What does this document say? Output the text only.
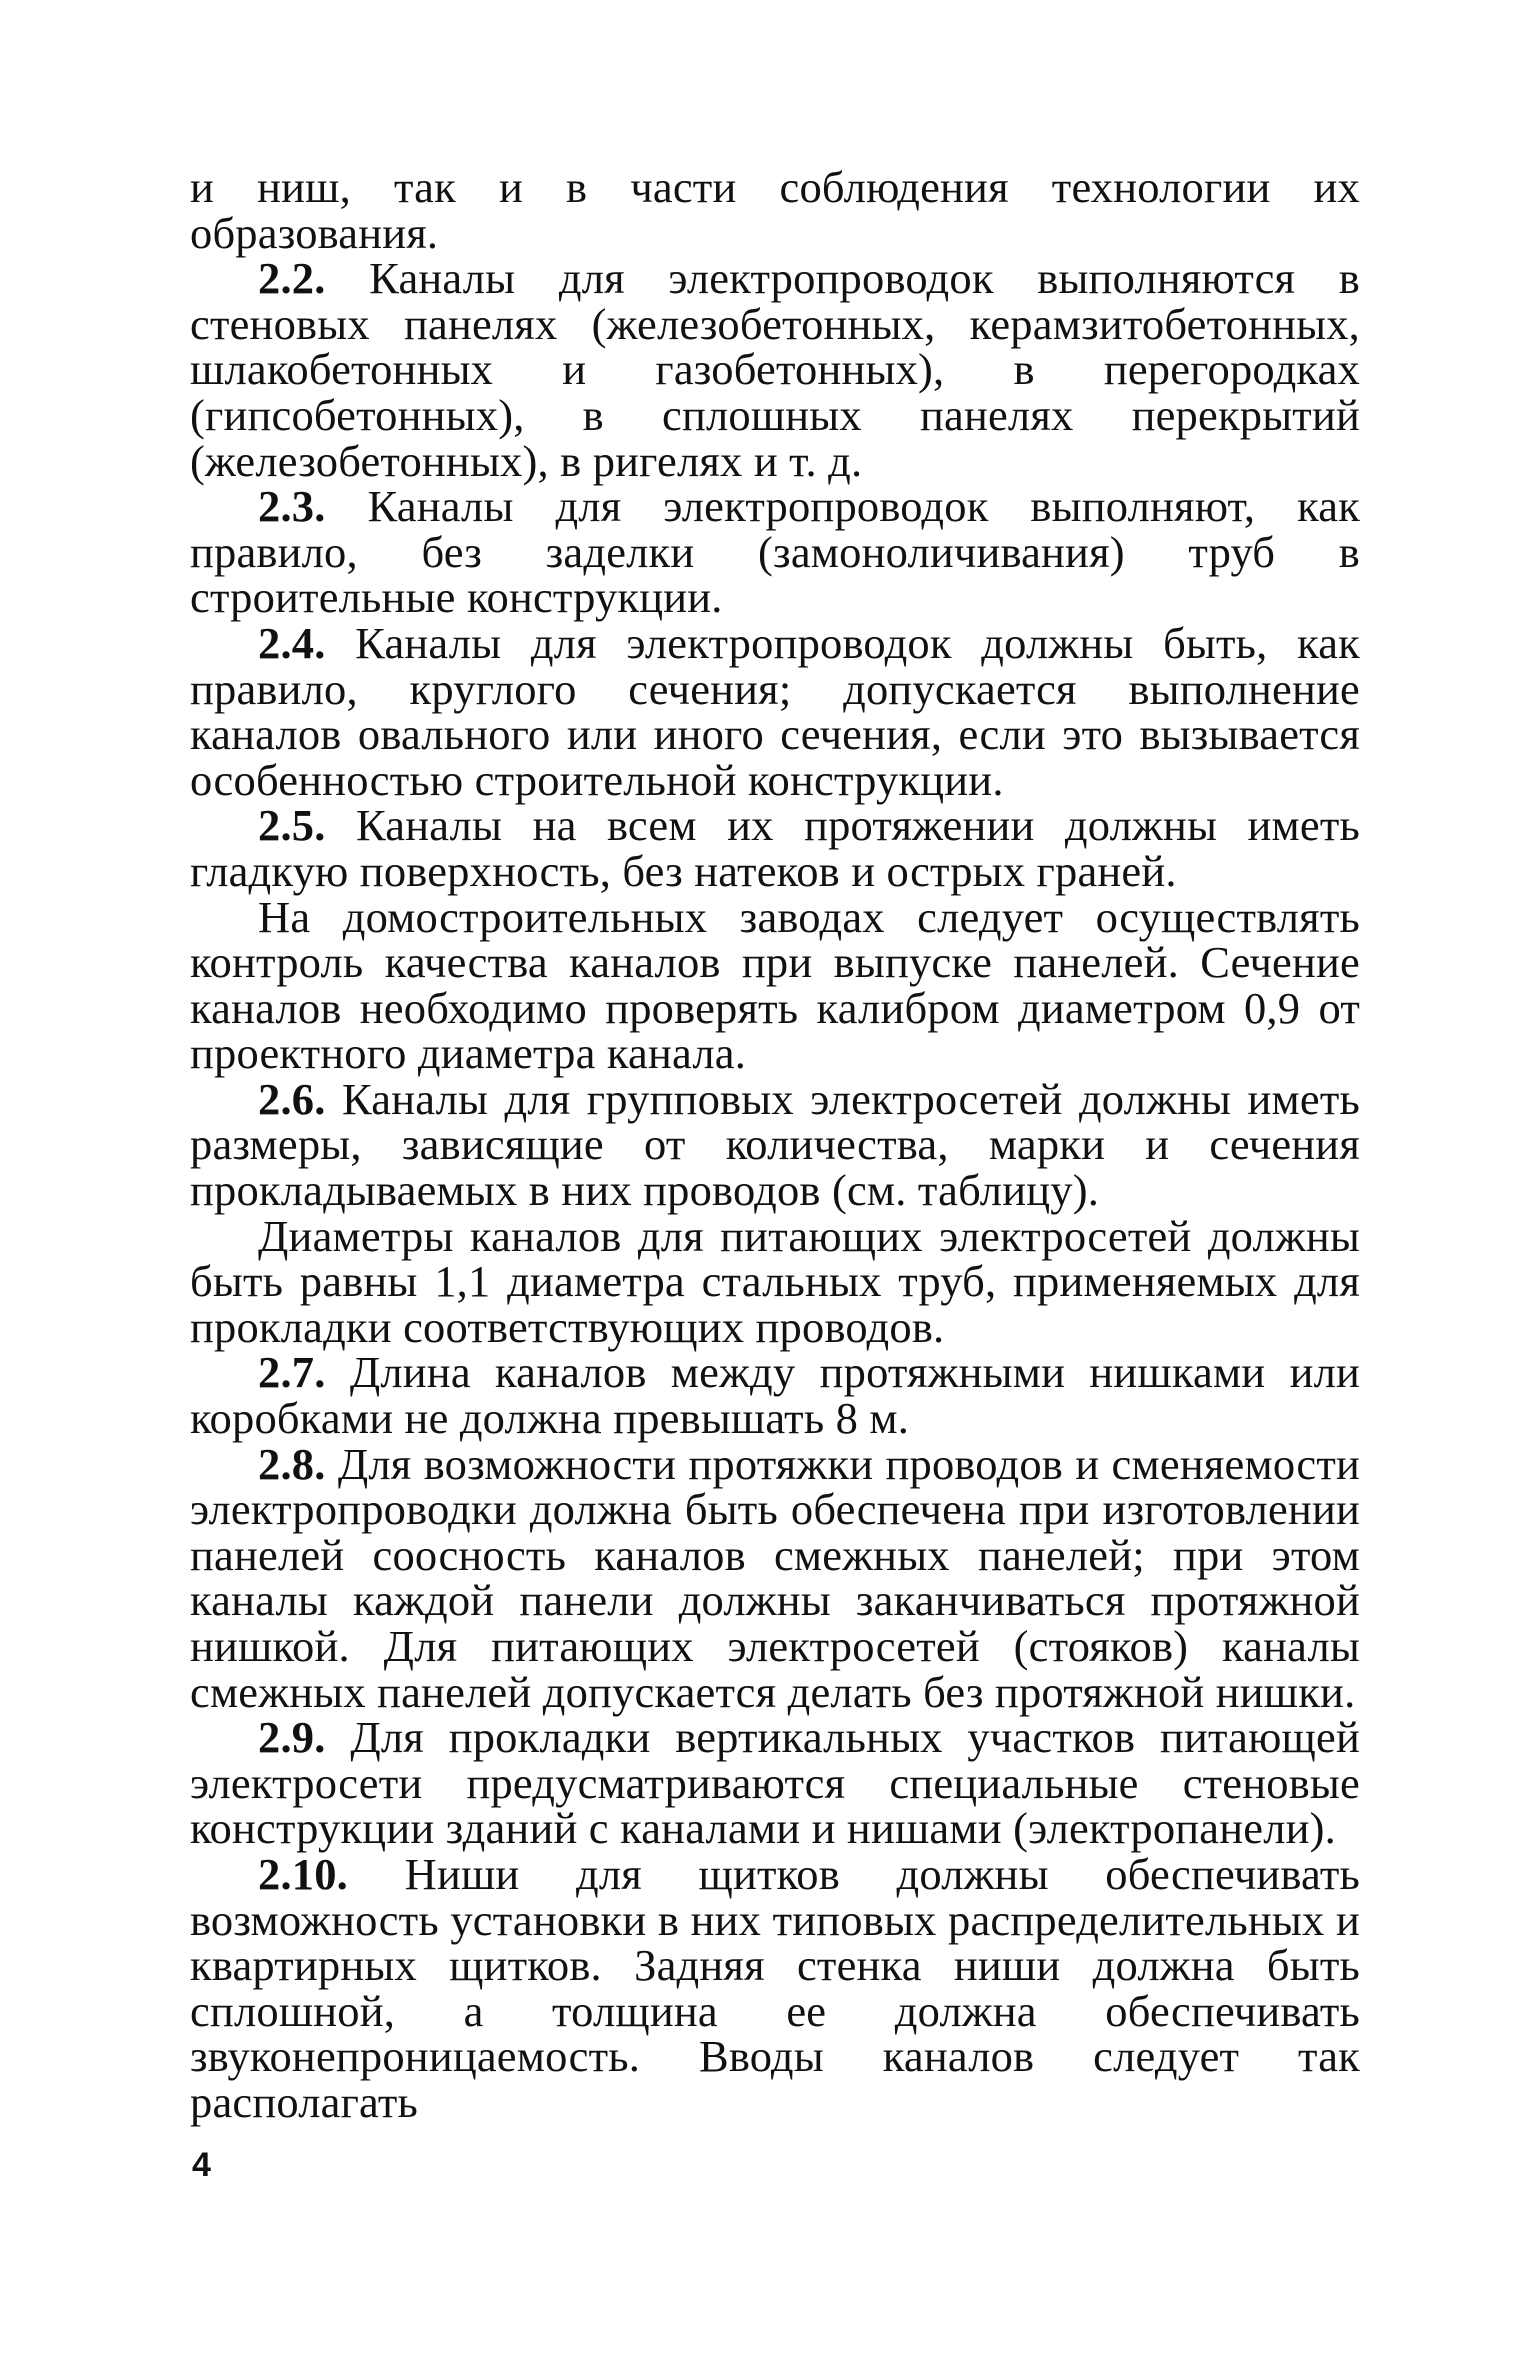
и ниш, так и в части соблюдения технологии их образования.

2.2. Каналы для электропроводок выполняются в стеновых панелях (железобетонных, керамзитобетонных, шлакобетонных и газобетонных), в перегородках (гипсобетонных), в сплошных панелях перекрытий (железобетонных), в ригелях и т. д.

2.3. Каналы для электропроводок выполняют, как правило, без заделки (замоноличивания) труб в строительные конструкции.

2.4. Каналы для электропроводок должны быть, как правило, круглого сечения; допускается выполнение каналов овального или иного сечения, если это вызывается особенностью строительной конструкции.

2.5. Каналы на всем их протяжении должны иметь гладкую поверхность, без натеков и острых граней.

На домостроительных заводах следует осуществлять контроль качества каналов при выпуске панелей. Сечение каналов необходимо проверять калибром диаметром 0,9 от проектного диаметра канала.

2.6. Каналы для групповых электросетей должны иметь размеры, зависящие от количества, марки и сечения прокладываемых в них проводов (см. таблицу).

Диаметры каналов для питающих электросетей должны быть равны 1,1 диаметра стальных труб, применяемых для прокладки соответствующих проводов.

2.7. Длина каналов между протяжными нишками или коробками не должна превышать 8 м.

2.8. Для возможности протяжки проводов и сменяемости электропроводки должна быть обеспечена при изготовлении панелей соосность каналов смежных панелей; при этом каналы каждой панели должны заканчиваться протяжной нишкой. Для питающих электросетей (стояков) каналы смежных панелей допускается делать без протяжной нишки.

2.9. Для прокладки вертикальных участков питающей электросети предусматриваются специальные стеновые конструкции зданий с каналами и нишами (электропанели).

2.10. Ниши для щитков должны обеспечивать возможность установки в них типовых распределительных и квартирных щитков. Задняя стенка ниши должна быть сплошной, а толщина ее должна обеспечивать звуконепроницаемость. Вводы каналов следует так располагать

4
